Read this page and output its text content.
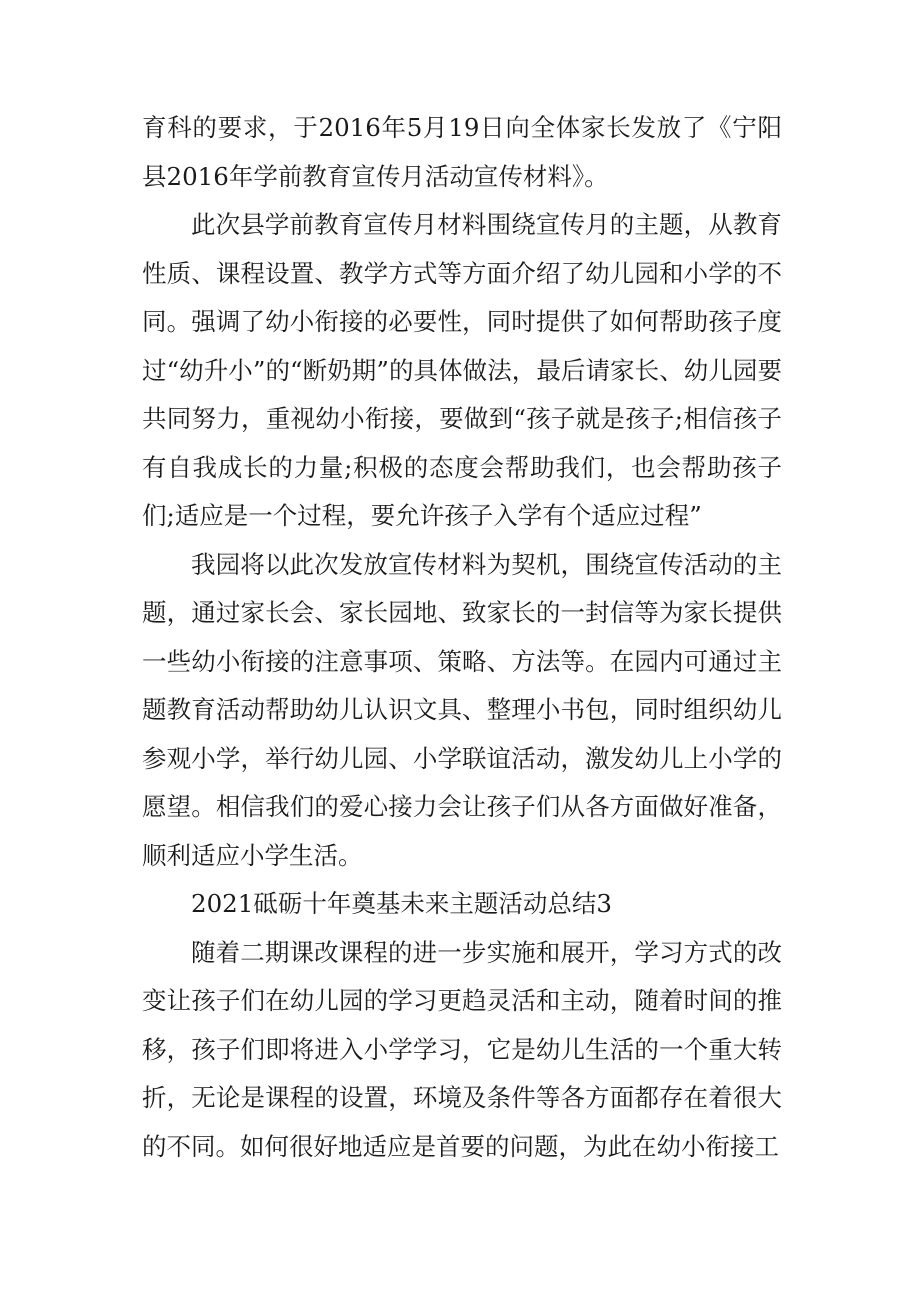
育科的要求，于2016年5月19日向全体家长发放了《宁阳县2016年学前教育宣传月活动宣传材料》。

此次县学前教育宣传月材料围绕宣传月的主题，从教育性质、课程设置、教学方式等方面介绍了幼儿园和小学的不同。强调了幼小衔接的必要性，同时提供了如何帮助孩子度过“幼升小”的“断奶期”的具体做法，最后请家长、幼儿园要共同努力，重视幼小衔接，要做到“孩子就是孩子;相信孩子有自我成长的力量;积极的态度会帮助我们，也会帮助孩子们;适应是一个过程，要允许孩子入学有个适应过程”

我园将以此次发放宣传材料为契机，围绕宣传活动的主题，通过家长会、家长园地、致家长的一封信等为家长提供一些幼小衔接的注意事项、策略、方法等。在园内可通过主题教育活动帮助幼儿认识文具、整理小书包，同时组织幼儿参观小学，举行幼儿园、小学联谊活动，激发幼儿上小学的愿望。相信我们的爱心接力会让孩子们从各方面做好准备，顺利适应小学生活。

2021砥砺十年奠基未来主题活动总结3

随着二期课改课程的进一步实施和展开，学习方式的改变让孩子们在幼儿园的学习更趋灵活和主动，随着时间的推移，孩子们即将进入小学学习，它是幼儿生活的一个重大转折，无论是课程的设置，环境及条件等各方面都存在着很大的不同。如何很好地适应是首要的问题，为此在幼小衔接工
